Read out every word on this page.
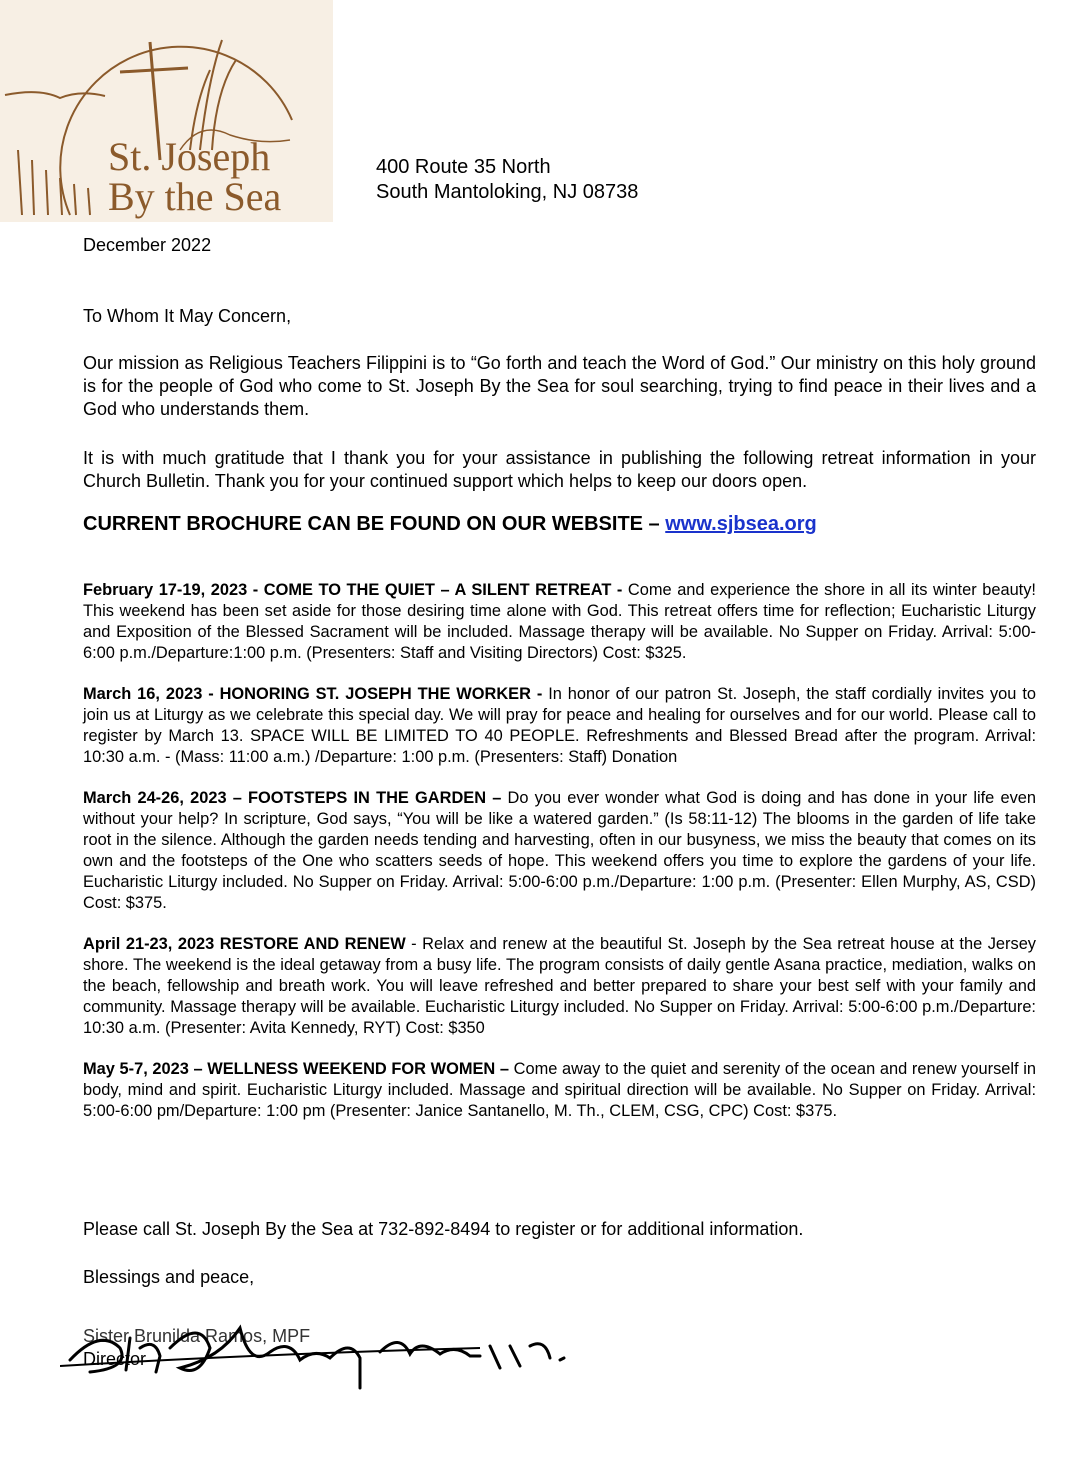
St. Joseph
By the Sea
400 Route 35 North
South Mantoloking, NJ 08738
December 2022
To Whom It May Concern,
Our mission as Religious Teachers Filippini is to “Go forth and teach the Word of God.” Our ministry on this holy ground is for the people of God who come to St. Joseph By the Sea for soul searching, trying to find peace in their lives and a God who understands them.
It is with much gratitude that I thank you for your assistance in publishing the following retreat information in your Church Bulletin. Thank you for your continued support which helps to keep our doors open.
CURRENT BROCHURE CAN BE FOUND ON OUR WEBSITE – www.sjbsea.org

February 17-19, 2023 - COME TO THE QUIET – A SILENT RETREAT - Come and experience the shore in all its winter beauty! This weekend has been set aside for those desiring time alone with God. This retreat offers time for reflection; Eucharistic Liturgy and Exposition of the Blessed Sacrament will be included. Massage therapy will be available. No Supper on Friday. Arrival: 5:00-6:00 p.m./Departure:1:00 p.m. (Presenters: Staff and Visiting Directors) Cost: $325.

March 16, 2023 - HONORING ST. JOSEPH THE WORKER - In honor of our patron St. Joseph, the staff cordially invites you to join us at Liturgy as we celebrate this special day. We will pray for peace and healing for ourselves and for our world. Please call to register by March 13. SPACE WILL BE LIMITED TO 40 PEOPLE. Refreshments and Blessed Bread after the program. Arrival: 10:30 a.m. - (Mass: 11:00 a.m.) /Departure: 1:00 p.m. (Presenters: Staff) Donation

March 24-26, 2023 – FOOTSTEPS IN THE GARDEN – Do you ever wonder what God is doing and has done in your life even without your help? In scripture, God says, “You will be like a watered garden.” (Is 58:11-12) The blooms in the garden of life take root in the silence. Although the garden needs tending and harvesting, often in our busyness, we miss the beauty that comes on its own and the footsteps of the One who scatters seeds of hope. This weekend offers you time to explore the gardens of your life. Eucharistic Liturgy included. No Supper on Friday. Arrival: 5:00-6:00 p.m./Departure: 1:00 p.m. (Presenter: Ellen Murphy, AS, CSD) Cost: $375.

April 21-23, 2023 RESTORE AND RENEW - Relax and renew at the beautiful St. Joseph by the Sea retreat house at the Jersey shore. The weekend is the ideal getaway from a busy life. The program consists of daily gentle Asana practice, mediation, walks on the beach, fellowship and breath work. You will leave refreshed and better prepared to share your best self with your family and community. Massage therapy will be available. Eucharistic Liturgy included. No Supper on Friday. Arrival: 5:00-6:00 p.m./Departure: 10:30 a.m. (Presenter: Avita Kennedy, RYT) Cost: $350

May 5-7, 2023 – WELLNESS WEEKEND FOR WOMEN – Come away to the quiet and serenity of the ocean and renew yourself in body, mind and spirit. Eucharistic Liturgy included. Massage and spiritual direction will be available. No Supper on Friday. Arrival: 5:00-6:00 pm/Departure: 1:00 pm (Presenter: Janice Santanello, M. Th., CLEM, CSG, CPC) Cost: $375.

Please call St. Joseph By the Sea at 732-892-8494 to register or for additional information.
Blessings and peace,
Sister Brunilda Ramos, MPF
Director
Sister Brunilda Ramos, M.P.F.
